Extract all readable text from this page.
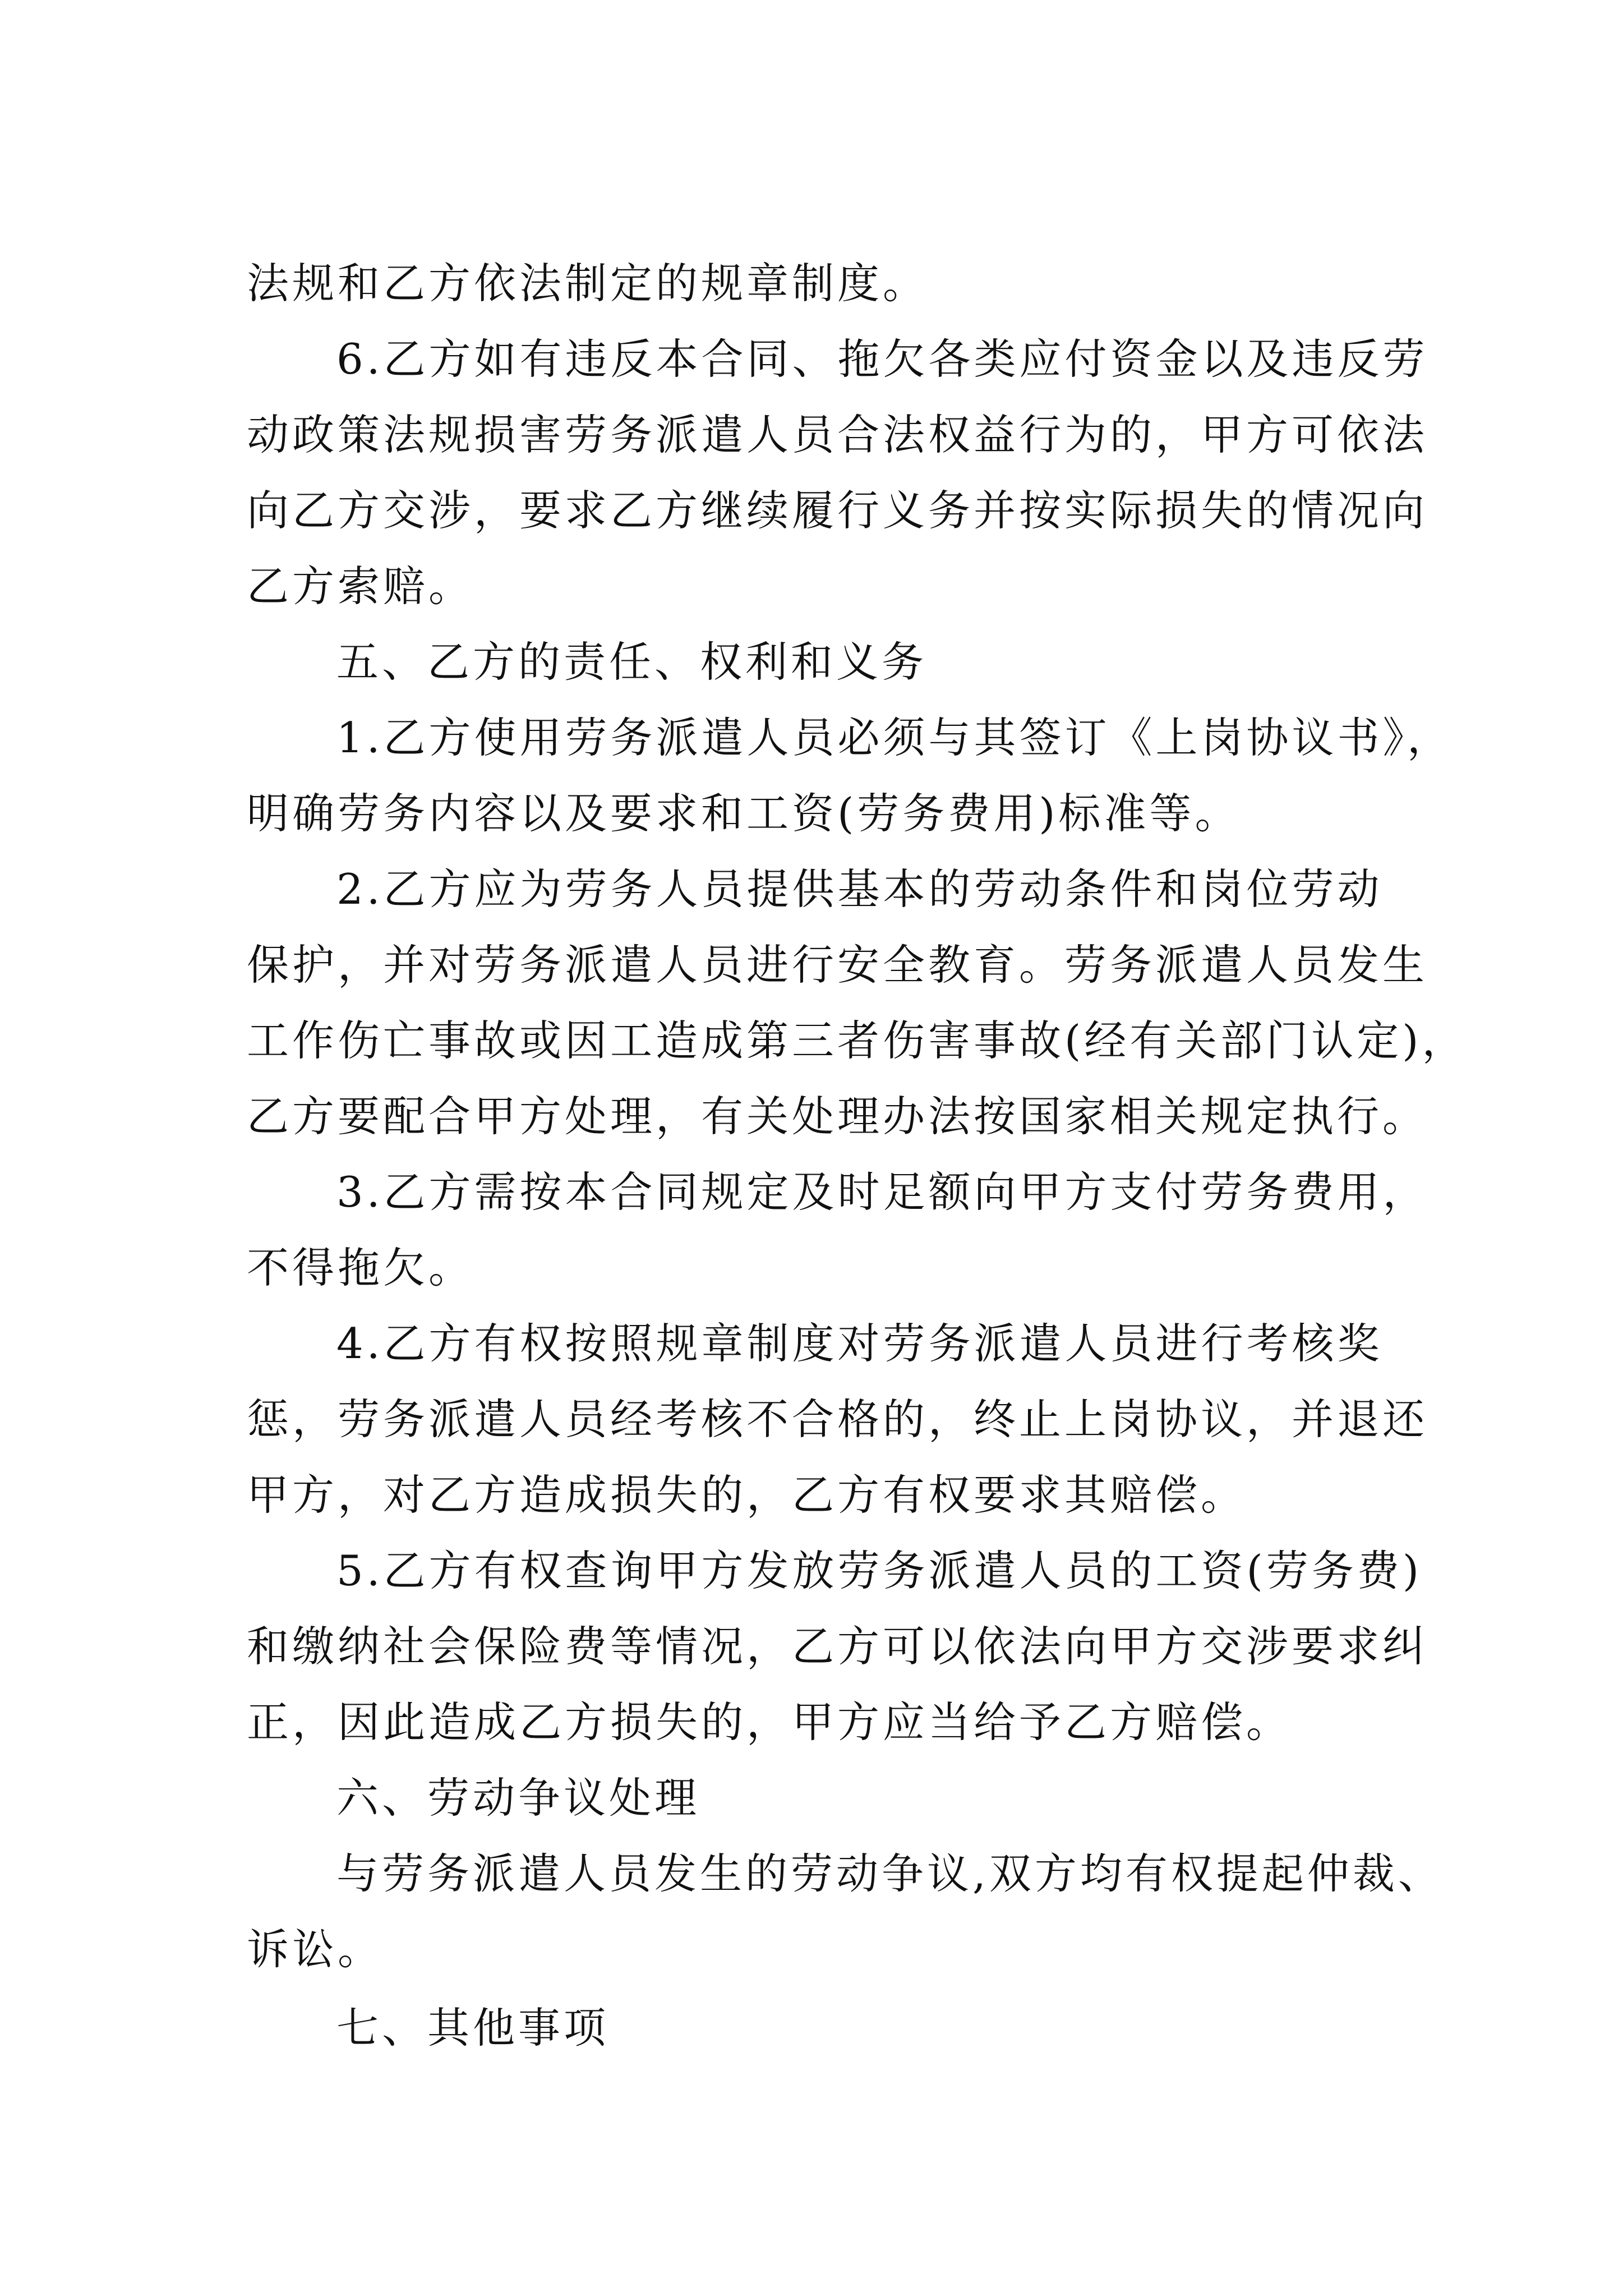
法规和乙方依法制定的规章制度。

6.乙方如有违反本合同、拖欠各类应付资金以及违反劳

动政策法规损害劳务派遣人员合法权益行为的，甲方可依法

向乙方交涉，要求乙方继续履行义务并按实际损失的情况向

乙方索赔。

五、乙方的责任、权利和义务

1.乙方使用劳务派遣人员必须与其签订《上岗协议书》，

明确劳务内容以及要求和工资(劳务费用)标准等。

2.乙方应为劳务人员提供基本的劳动条件和岗位劳动

保护，并对劳务派遣人员进行安全教育。劳务派遣人员发生

工作伤亡事故或因工造成第三者伤害事故(经有关部门认定)，

乙方要配合甲方处理，有关处理办法按国家相关规定执行。

3.乙方需按本合同规定及时足额向甲方支付劳务费用，

不得拖欠。

4.乙方有权按照规章制度对劳务派遣人员进行考核奖

惩，劳务派遣人员经考核不合格的，终止上岗协议，并退还

甲方，对乙方造成损失的，乙方有权要求其赔偿。

5.乙方有权查询甲方发放劳务派遣人员的工资(劳务费)

和缴纳社会保险费等情况，乙方可以依法向甲方交涉要求纠

正，因此造成乙方损失的，甲方应当给予乙方赔偿。

六、劳动争议处理

与劳务派遣人员发生的劳动争议,双方均有权提起仲裁、

诉讼。

七、其他事项
